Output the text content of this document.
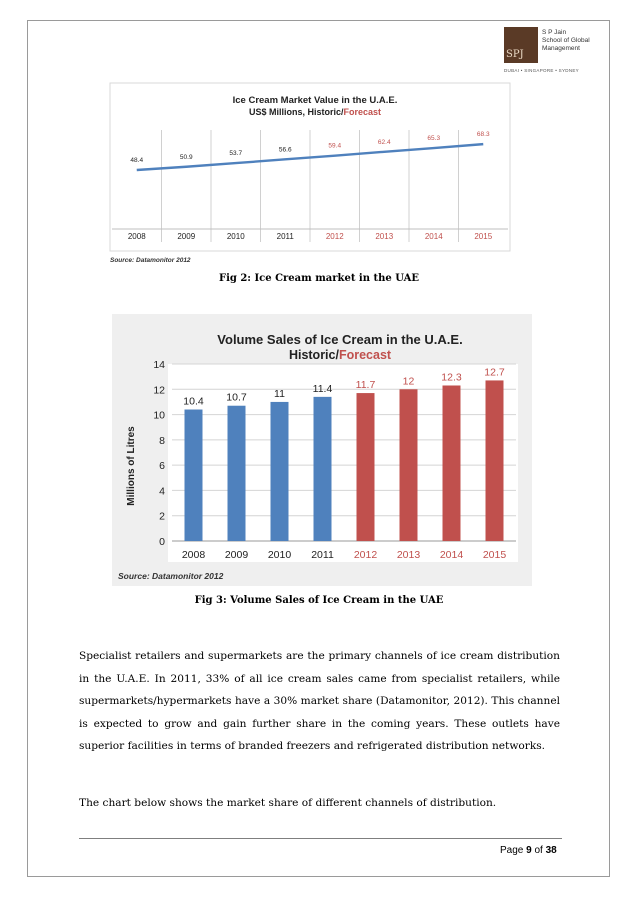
SPJ
S P Jain
School of Global
Management
DUBAI • SINGAPORE • SYDNEY
Ice Cream Market Value in the U.A.E.
US$ Millions, Historic/Forecast
48.4	50.9
53.7
56.6
59.4
62.4
65.3
68.3
2008	2009	2010	2011	2012	2013	2014	2015
Source: Datamonitor 2012
Fig 2: Ice Cream market in the UAE
Volume Sales of Ice Cream in the U.A.E.
Historic/Forecast
0
2
4
6
8
10
12
14
10.4 10.7	11	11.4 11.7	12	12.3 12.7
2008 2009 2010 2011 2012 2013 2014 2015
Millions of Litres
Source: Datamonitor 2012
Fig 3: Volume Sales of Ice Cream in the UAE
Specialist retailers and supermarkets are the primary channels of ice cream distribution in the U.A.E. In 2011, 33% of all ice cream sales came from specialist retailers, while supermarkets/hypermarkets have a 30% market share (Datamonitor, 2012). This channel is expected to grow and gain further share in the coming years. These outlets have superior facilities in terms of branded freezers and refrigerated distribution networks.
The chart below shows the market share of different channels of distribution.
Page 9 of 38
